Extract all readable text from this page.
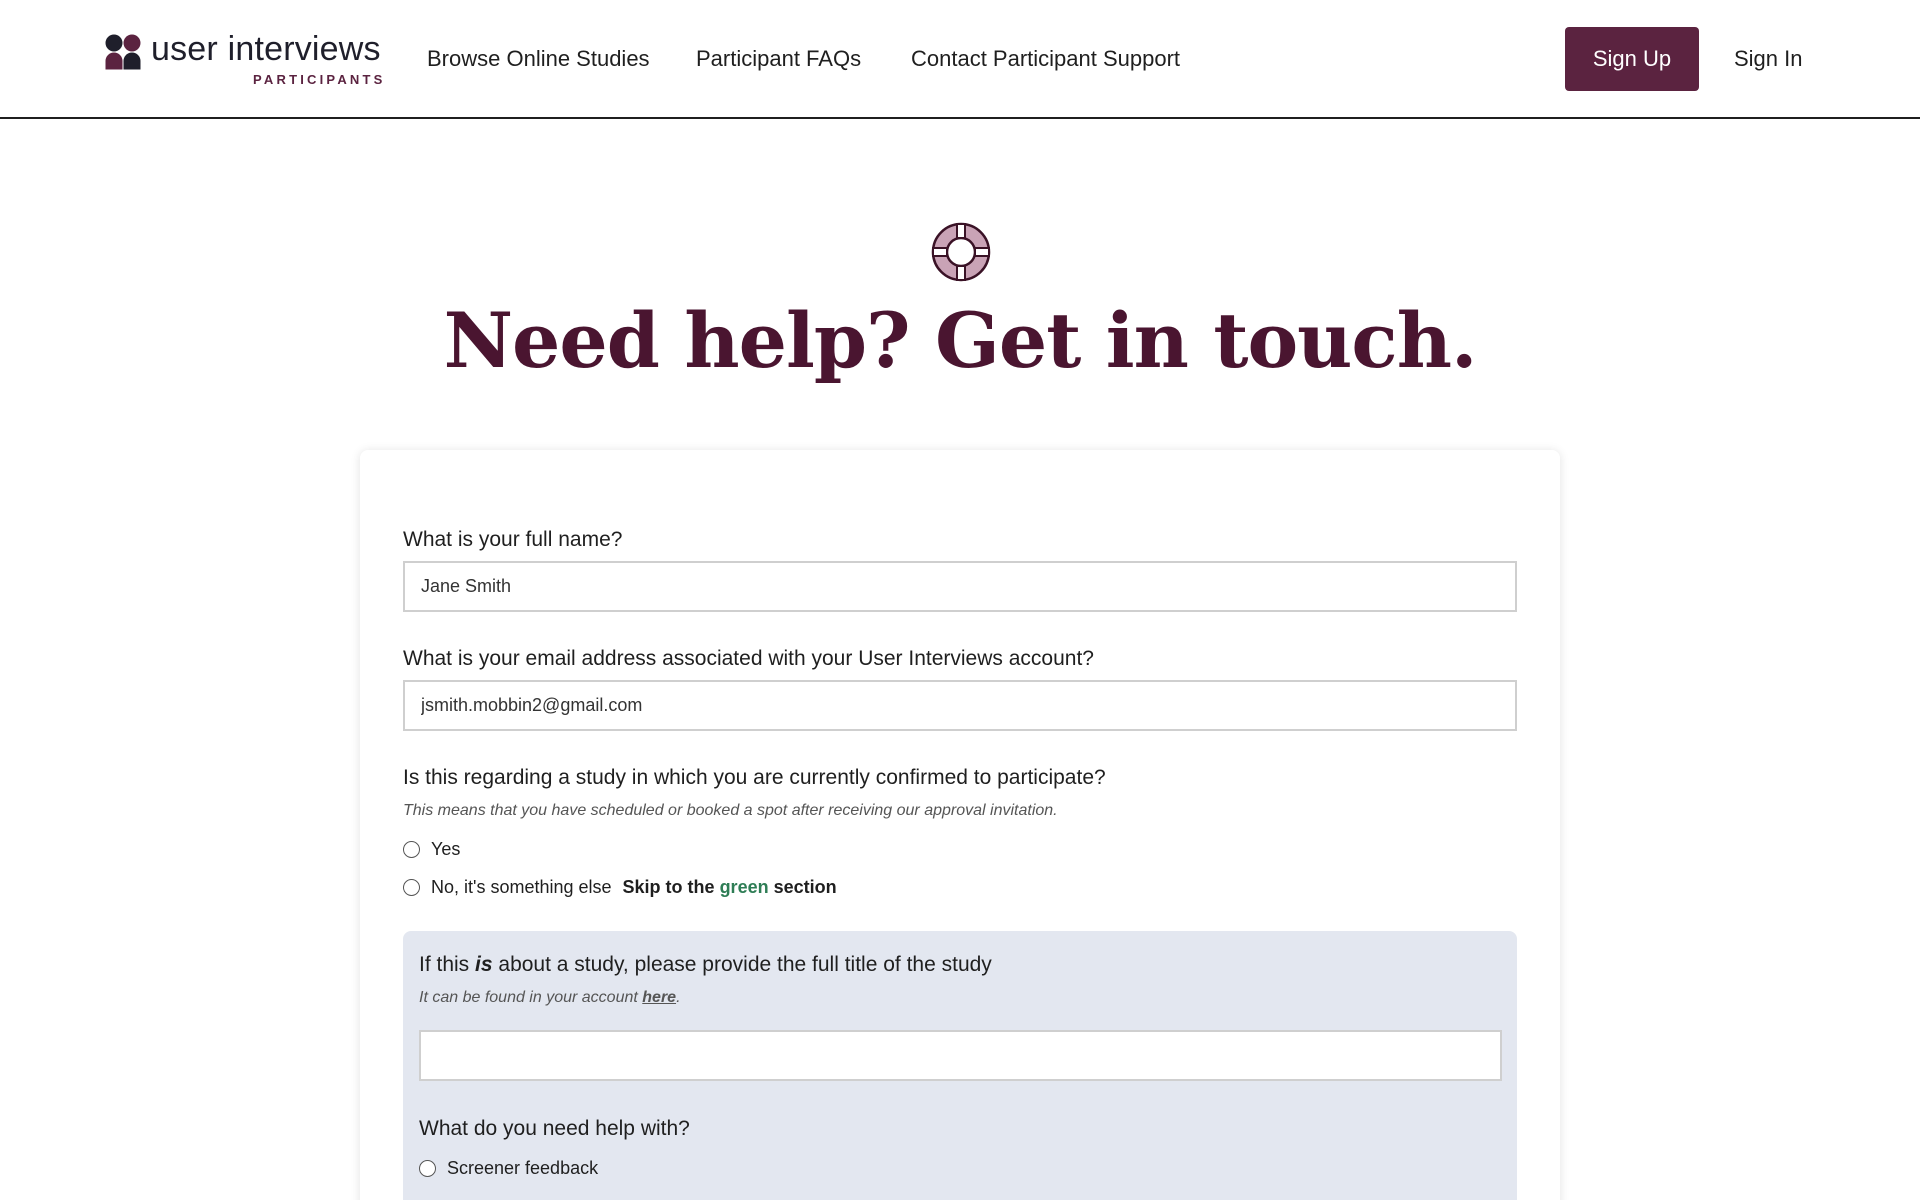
user interviews
PARTICIPANTS
Browse Online Studies Participant FAQs Contact Participant Support	Sign Up	Sign In
Need help? Get in touch.
What is your full name?
Jane Smith
What is your email address associated with your User Interviews account?
jsmith.mobbin2@gmail.com
Is this regarding a study in which you are currently confirmed to participate?
This means that you have scheduled or booked a spot after receiving our approval invitation.
Yes
No, it's something else Skip to the green section
If this is about a study, please provide the full title of the study
It can be found in your account here.
What do you need help with?
Screener feedback
